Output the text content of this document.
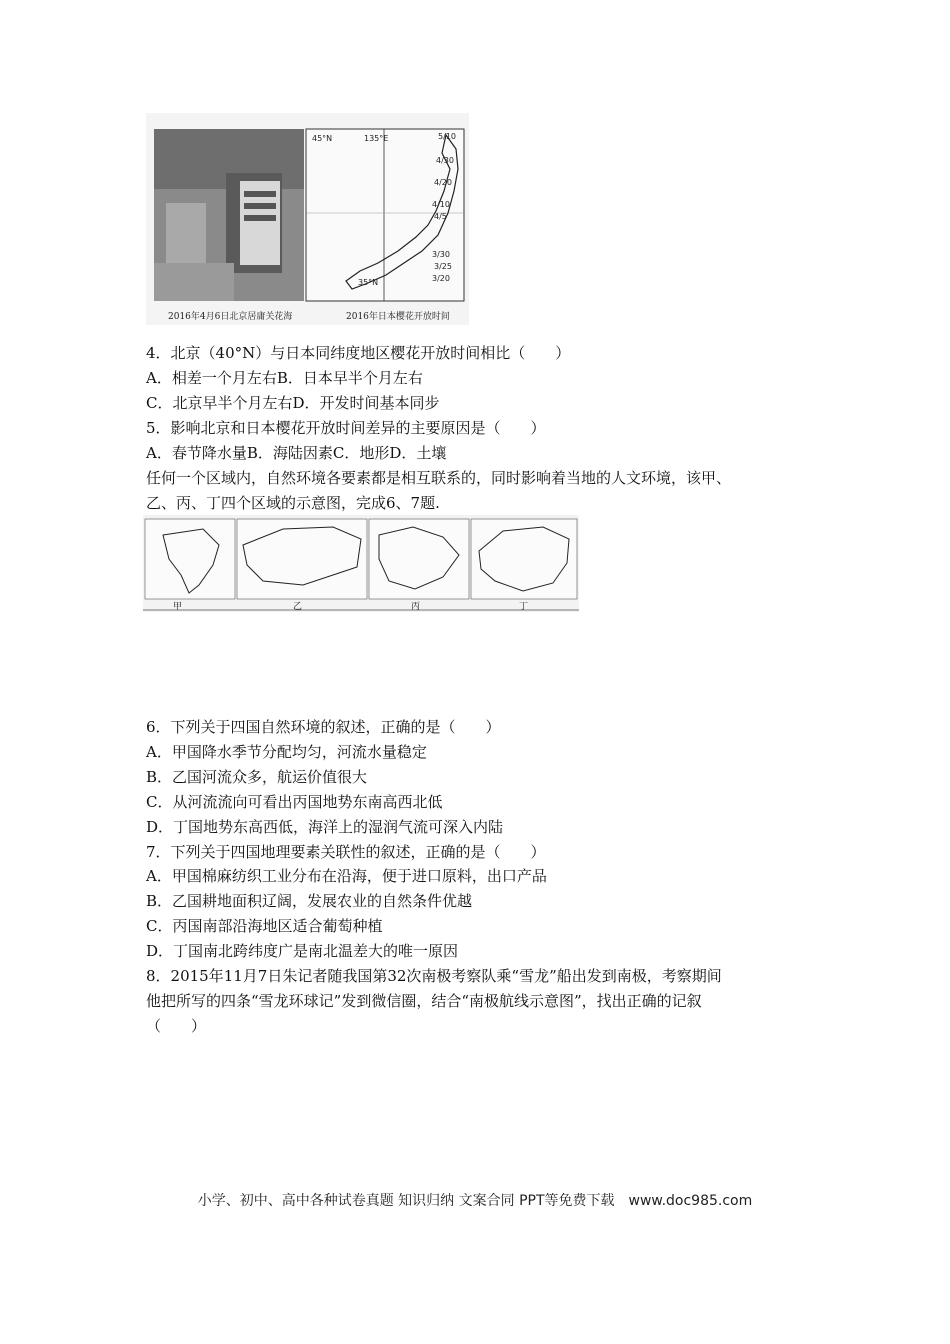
45°N	135°E
35°N
5/10
4/30
4/20
4/10
4/5
3/30
3/25
3/20
2016年4月6日北京居庸关花海	2016年日本樱花开放时间
4．北京（40°N）与日本同纬度地区樱花开放时间相比（　　）
A．相差一个月左右B．日本早半个月左右
C．北京早半个月左右D．开发时间基本同步
5．影响北京和日本樱花开放时间差异的主要原因是（　　）
A．春节降水量B．海陆因素C．地形D．土壤
任何一个区域内，自然环境各要素都是相互联系的，同时影响着当地的人文环境，该甲、
乙、丙、丁四个区域的示意图，完成6、7题.
甲	乙	丙	丁
6．下列关于四国自然环境的叙述，正确的是（　　）
A．甲国降水季节分配均匀，河流水量稳定
B．乙国河流众多，航运价值很大
C．从河流流向可看出丙国地势东南高西北低
D．丁国地势东高西低，海洋上的湿润气流可深入内陆
7．下列关于四国地理要素关联性的叙述，正确的是（　　）
A．甲国棉麻纺织工业分布在沿海，便于进口原料，出口产品
B．乙国耕地面积辽阔，发展农业的自然条件优越
C．丙国南部沿海地区适合葡萄种植
D．丁国南北跨纬度广是南北温差大的唯一原因
8．2015年11月7日朱记者随我国第32次南极考察队乘“雪龙”船出发到南极，考察期间
他把所写的四条“雪龙环球记”发到微信圈，结合“南极航线示意图”，找出正确的记叙
（　　）
小学、初中、高中各种试卷真题 知识归纳 文案合同 PPT等免费下载　www.doc985.com
